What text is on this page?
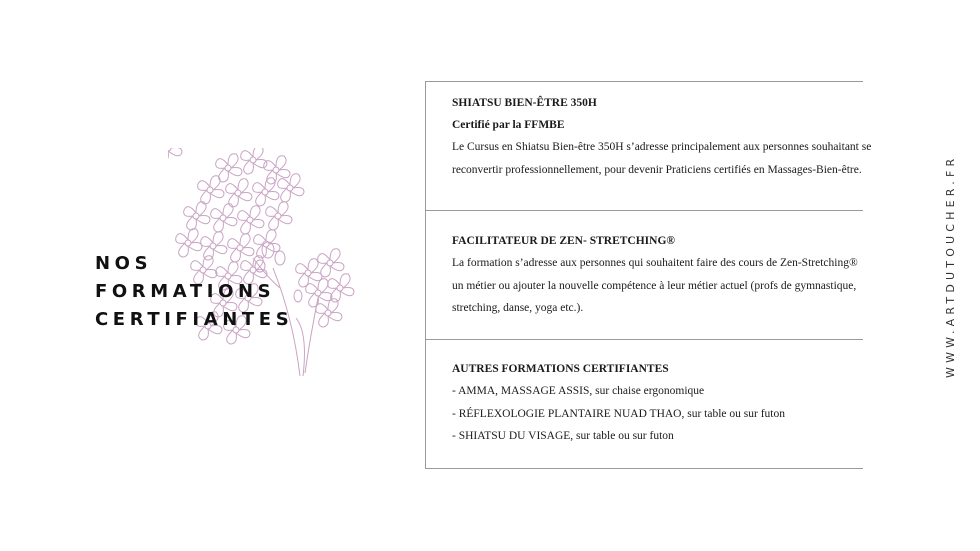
NOS
FORMATIONS
CERTIFIANTES
SHIATSU BIEN-ÊTRE 350H
Certifié par la FFMBE
Le Cursus en Shiatsu Bien-être 350H s’adresse principalement aux personnes souhaitant se reconvertir professionnellement, pour devenir Praticiens certifiés en Massages-Bien-être.
FACILITATEUR DE ZEN- STRETCHING®
La formation s’adresse aux personnes qui souhaitent faire des cours de Zen-Stretching® un métier ou ajouter la nouvelle compétence à leur métier actuel (profs de gymnastique, stretching, danse, yoga etc.).
AUTRES FORMATIONS CERTIFIANTES
- AMMA, MASSAGE ASSIS, sur chaise ergonomique
- RÉFLEXOLOGIE PLANTAIRE NUAD THAO, sur table ou sur futon
- SHIATSU DU VISAGE, sur table ou sur futon
WWW.ARTDUTOUCHER.FR
